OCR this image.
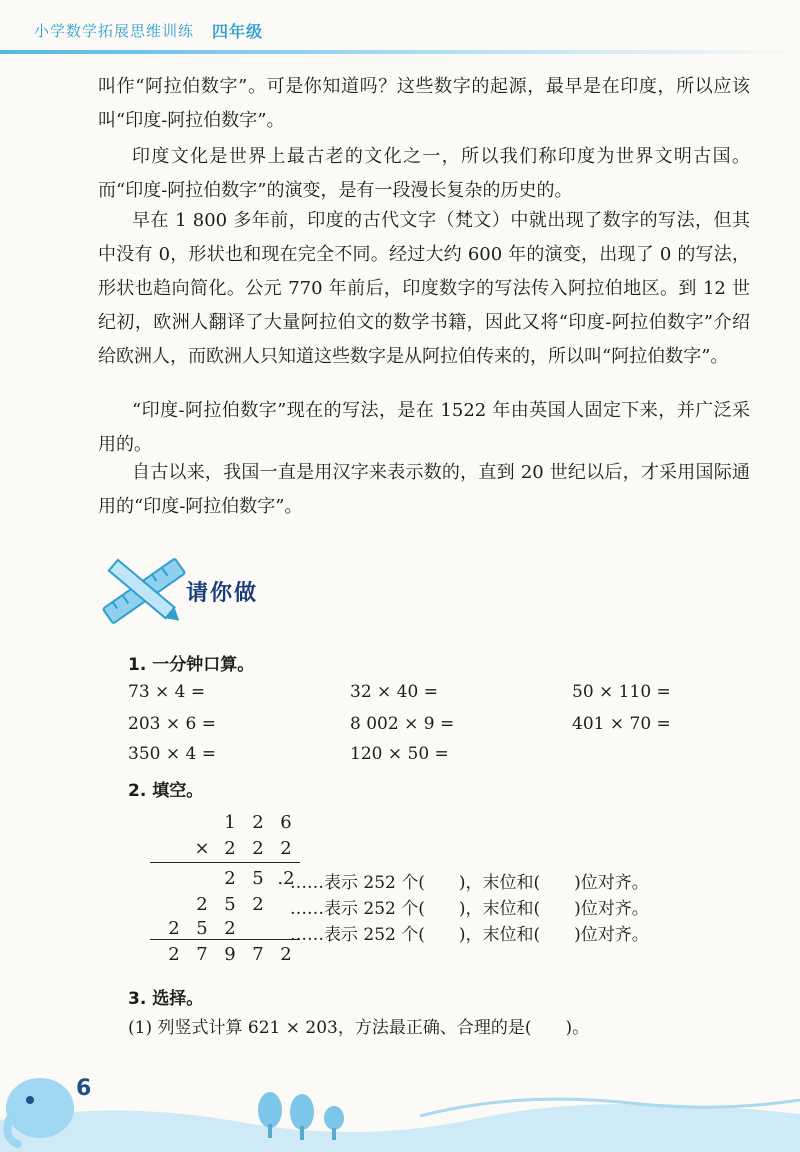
小学数学拓展思维训练 四年级

叫作“阿拉伯数字”。可是你知道吗？这些数字的起源，最早是在印度，所以应该叫“印度-阿拉伯数字”。

印度文化是世界上最古老的文化之一，所以我们称印度为世界文明古国。而“印度-阿拉伯数字”的演变，是有一段漫长复杂的历史的。

早在 1 800 多年前，印度的古代文字（梵文）中就出现了数字的写法，但其中没有 0，形状也和现在完全不同。经过大约 600 年的演变，出现了 0 的写法，形状也趋向简化。公元 770 年前后，印度数字的写法传入阿拉伯地区。到 12 世纪初，欧洲人翻译了大量阿拉伯文的数学书籍，因此又将“印度-阿拉伯数字”介绍给欧洲人，而欧洲人只知道这些数字是从阿拉伯传来的，所以叫“阿拉伯数字”。

“印度-阿拉伯数字”现在的写法，是在 1522 年由英国人固定下来，并广泛采用的。

自古以来，我国一直是用汉字来表示数的，直到 20 世纪以后，才采用国际通用的“印度-阿拉伯数字”。

请你做
1. 一分钟口算。
73 × 4 =	32 × 40 =	50 × 110 =
203 × 6 =	8 002 × 9 =	401 × 70 =
350 × 4 =	120 × 50 =
2. 填空。
1 2 6
× 2 2 2
2 5 .2
2 5 2
2 5 2
2 7 9 7 2
……表示 252 个(　　)，末位和(　　)位对齐。
……表示 252 个(　　)，末位和(　　)位对齐。
……表示 252 个(　　)，末位和(　　)位对齐。
3. 选择。
(1) 列竖式计算 621 × 203，方法最正确、合理的是(　　)。
6
